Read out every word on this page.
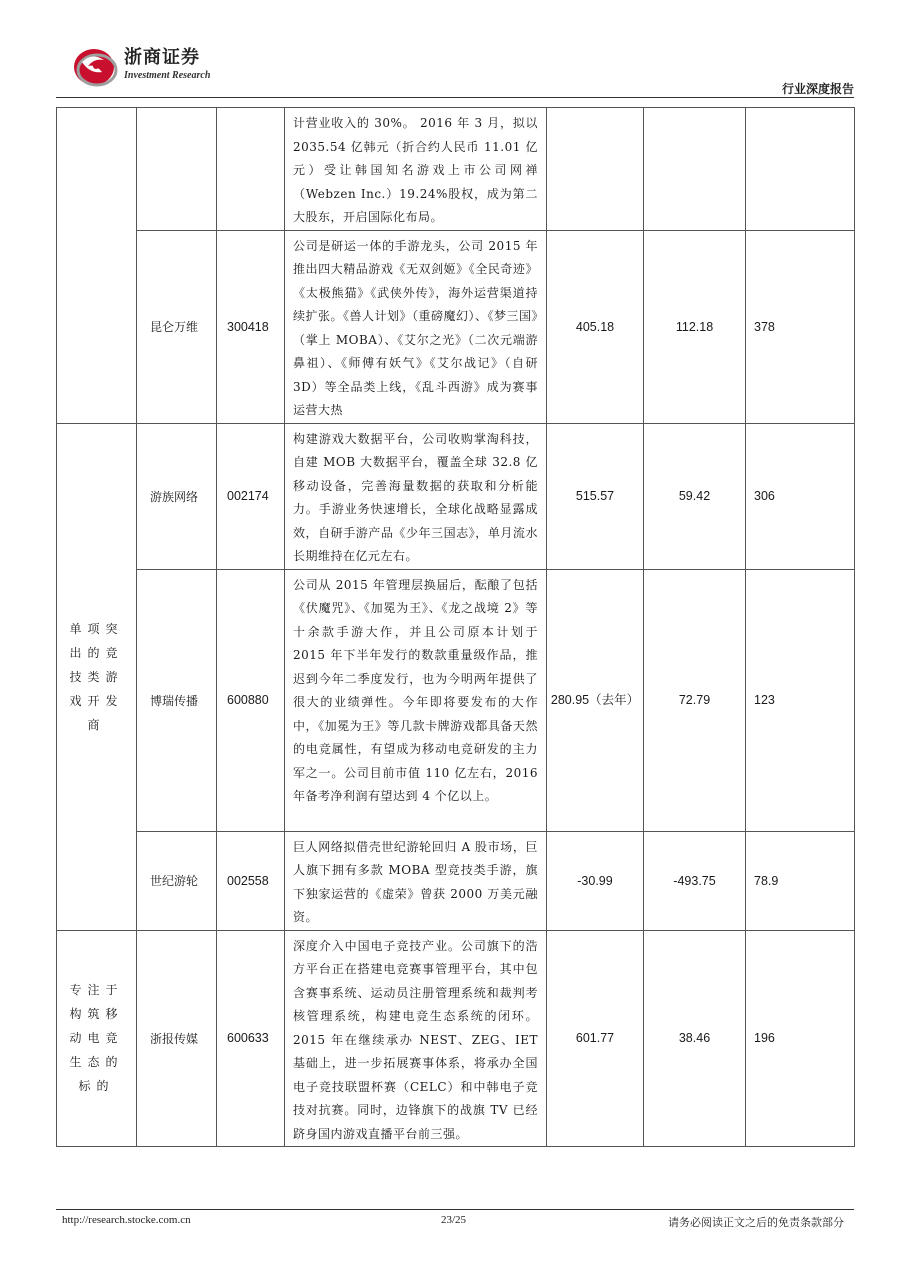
浙商证券
Investment Research
行业深度报告
			计营业收入的 30%。 2016 年 3 月，拟以 2035.54 亿韩元（折合约人民币 11.01 亿元）受让韩国知名游戏上市公司网禅（Webzen Inc.）19.24%股权，成为第二大股东，开启国际化布局。			
	昆仑万维	300418	公司是研运一体的手游龙头，公司 2015 年推出四大精品游戏《无双剑姬》《全民奇迹》《太极熊猫》《武侠外传》，海外运营渠道持续扩张。《兽人计划》（重磅魔幻）、《梦三国》（掌上 MOBA）、《艾尔之光》（二次元端游鼻祖）、《师傅有妖气》《艾尔战记》（自研 3D）等全品类上线，《乱斗西游》成为赛事运营大热	405.18	112.18	378
单项突出的竞技类游戏开发商	游族网络	002174	构建游戏大数据平台，公司收购掌淘科技，自建 MOB 大数据平台，覆盖全球 32.8 亿移动设备，完善海量数据的获取和分析能力。手游业务快速增长，全球化战略显露成效，自研手游产品《少年三国志》，单月流水长期维持在亿元左右。	515.57	59.42	306
	博瑞传播	600880	公司从 2015 年管理层换届后，酝酿了包括《伏魔咒》、《加冕为王》、《龙之战境 2》等十余款手游大作，并且公司原本计划于 2015 年下半年发行的数款重量级作品，推迟到今年二季度发行，也为今明两年提供了很大的业绩弹性。今年即将要发布的大作中，《加冕为王》等几款卡牌游戏都具备天然的电竞属性，有望成为移动电竞研发的主力军之一。公司目前市值 110 亿左右，2016 年备考净利润有望达到 4 个亿以上。	280.95（去年）	72.79	123
	世纪游轮	002558	巨人网络拟借壳世纪游轮回归 A 股市场，巨人旗下拥有多款 MOBA 型竞技类手游，旗下独家运营的《虚荣》曾获 2000 万美元融资。	-30.99	-493.75	78.9
专注于构筑移动电竞生态的标的	浙报传媒	600633	深度介入中国电子竞技产业。公司旗下的浩方平台正在搭建电竞赛事管理平台，其中包含赛事系统、运动员注册管理系统和裁判考核管理系统，构建电竞生态系统的闭环。2015 年在继续承办 NEST、ZEG、IET 基础上，进一步拓展赛事体系，将承办全国电子竞技联盟杯赛（CELC）和中韩电子竞技对抗赛。同时，边锋旗下的战旗 TV 已经跻身国内游戏直播平台前三强。	601.77	38.46	196
http://research.stocke.com.cn	23/25	请务必阅读正文之后的免责条款部分
